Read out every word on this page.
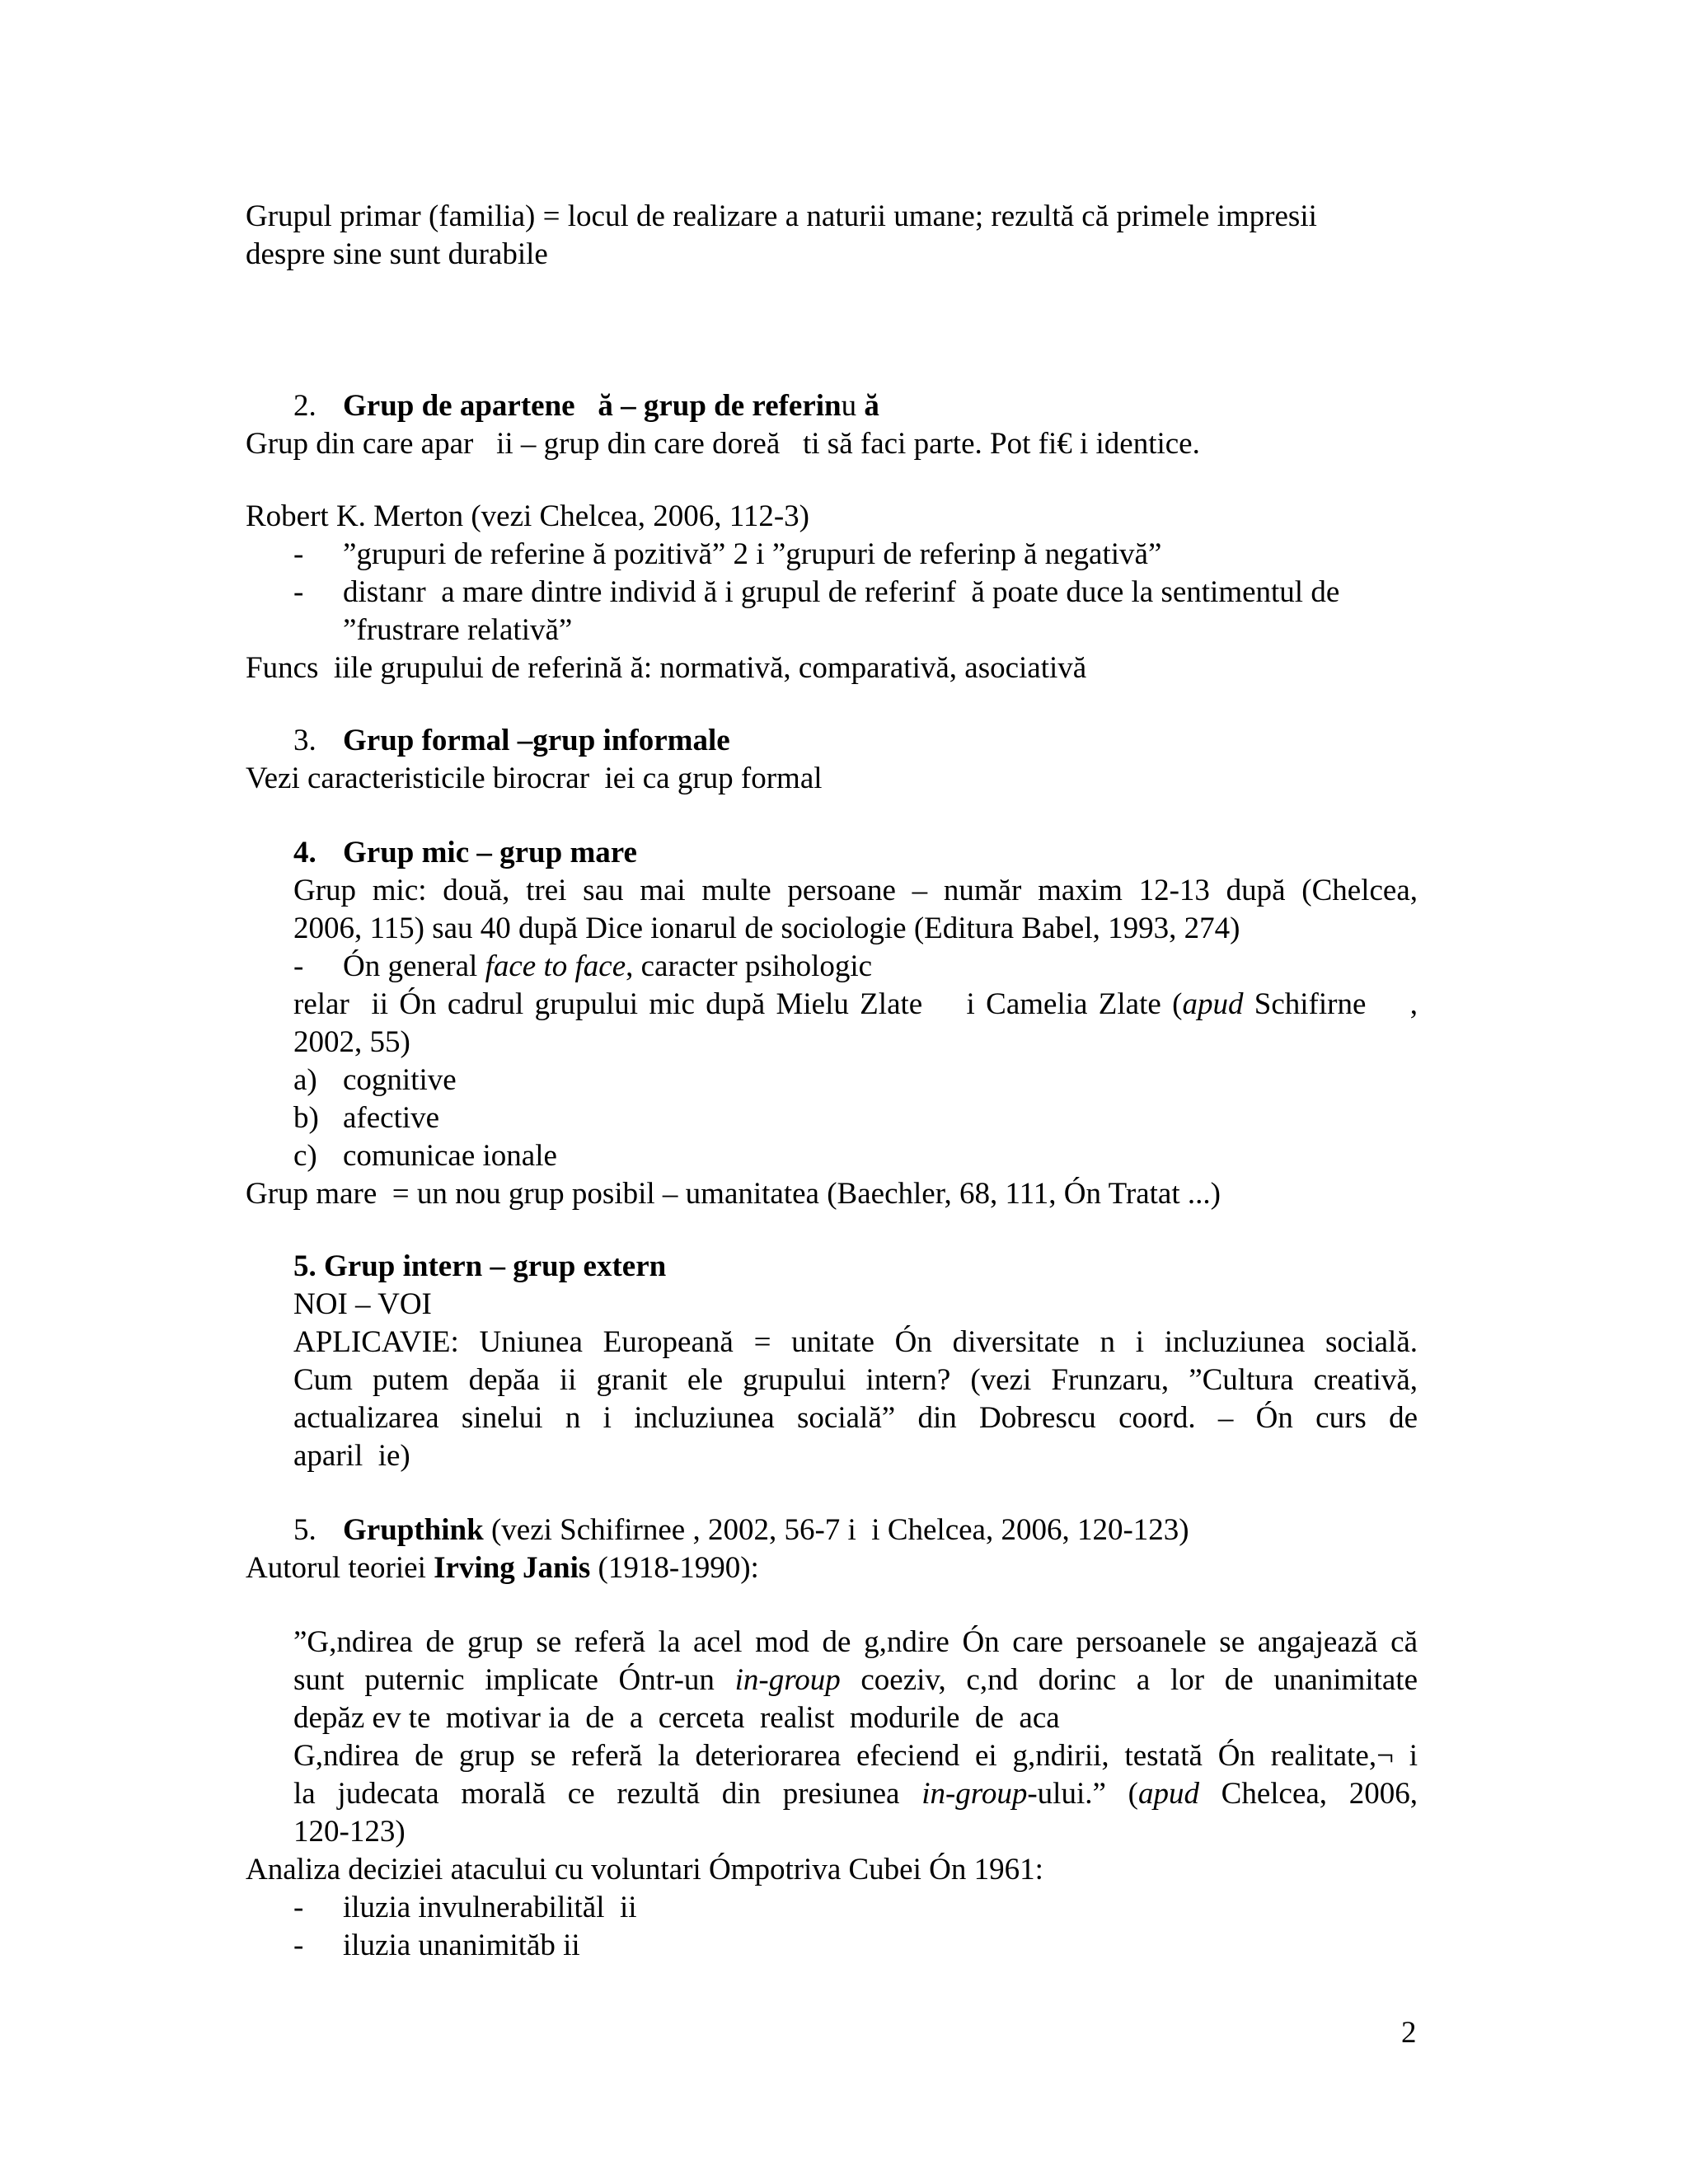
Grupul primar (familia) = locul de realizare a naturii umane; rezultă că primele impresii
despre sine sunt durabile
2. Grup de apartene ă – grup de referinu ă
Grup din care apar   ii – grup din care doreă   ti să faci parte. Pot fi€ i identice.
Robert K. Merton (vezi Chelcea, 2006, 112-3)
- ”grupuri de referine ă pozitivă” 2 i ”grupuri de referinp ă negativă”
- distanr  a mare dintre individ ă i grupul de referinf  ă poate duce la sentimentul de
”frustrare relativă”
Funcs  iile grupului de referină ă: normativă, comparativă, asociativă
3. Grup formal –grup informale
Vezi caracteristicile birocrar  iei ca grup formal
4. Grup mic – grup mare
Grup mic: două, trei sau mai multe persoane – număr maxim 12-13 după (Chelcea,
2006, 115) sau 40 după Dice ionarul de sociologie (Editura Babel, 1993, 274)
- Ón general face to face, caracter psihologic
relar  ii Ón cadrul grupului mic după Mielu Zlate    i Camelia Zlate (apud Schifirne    ,
2002, 55)
a) cognitive
b) afective
c) comunicae ionale
Grup mare  = un nou grup posibil – umanitatea (Baechler, 68, 111, Ón Tratat ...)
5. Grup intern – grup extern
NOI – VOI
APLICAVIE: Uniunea Europeană = unitate Ón diversitate n i incluziunea socială.
Cum putem depăa ii granit ele grupului intern? (vezi Frunzaru, ”Cultura creativă,
actualizarea sinelui n i incluziunea socială” din Dobrescu coord. – Ón curs de
aparil  ie)
5. Grupthink (vezi Schifirnee , 2002, 56-7 i  i Chelcea, 2006, 120-123)
Autorul teoriei Irving Janis (1918-1990):
”G,ndirea de grup se referă la acel mod de g,ndire Ón care persoanele se angajează că
sunt puternic implicate Óntr-un in-group coeziv, c,nd dorinc a lor de unanimitate
depăz ev te  motivar ia  de  a  cerceta  realist  modurile  de  aca
G,ndirea de grup se referă la deteriorarea efeciend ei g,ndirii, testată Ón realitate,¬ i
la judecata morală ce rezultă din presiunea in-group-ului.” (apud Chelcea, 2006,
120-123)
Analiza deciziei atacului cu voluntari Ómpotriva Cubei Ón 1961:
- iluzia invulnerabilităl  ii
- iluzia unanimităb ii
2
